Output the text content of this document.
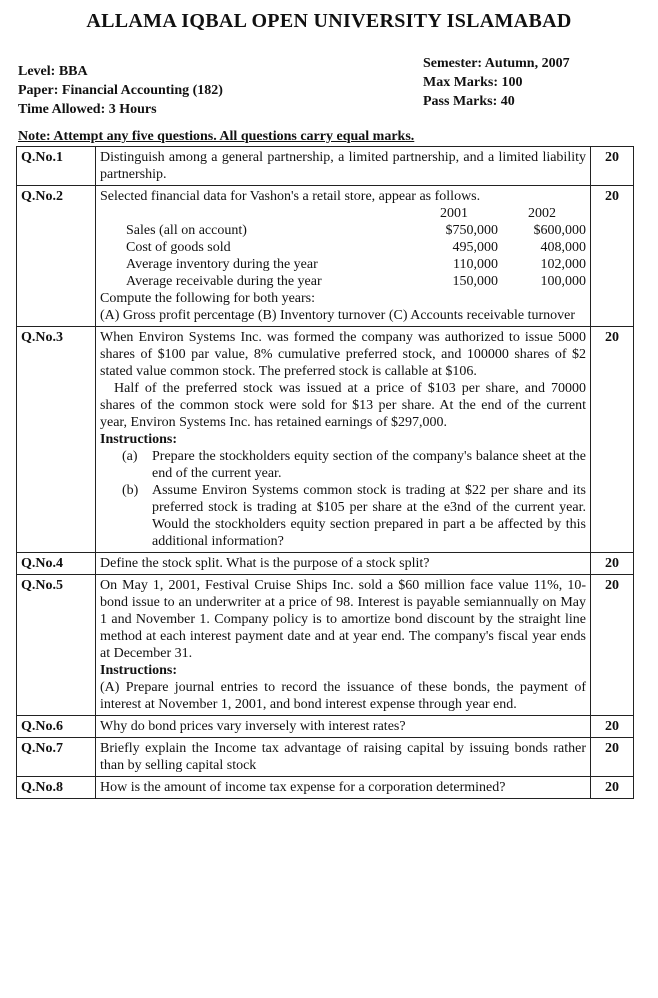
ALLAMA IQBAL OPEN UNIVERSITY ISLAMABAD
Level: BBA
Paper: Financial Accounting (182)
Time Allowed: 3 Hours
Semester: Autumn, 2007
Max Marks: 100
Pass Marks: 40
Note: Attempt any five questions. All questions carry equal marks.
Q.No.1	Distinguish among a general partnership, a limited partnership, and a limited liability partnership.	20
Q.No.2	Selected financial data for Vashon's a retail store, appear as follows.

	2001	2002
Sales (all on account)	$750,000	$600,000
Cost of goods sold	495,000	408,000
Average inventory during the year	110,000	102,000
Average receivable during the year	150,000	100,000

Compute the following for both years:

(A) Gross profit percentage (B) Inventory turnover (C) Accounts receivable turnover

	20
Q.No.3	When Environ Systems Inc. was formed the company was authorized to issue 5000 shares of $100 par value, 8% cumulative preferred stock, and 100000 shares of $2 stated value common stock. The preferred stock is callable at $106.

Half of the preferred stock was issued at a price of $103 per share, and 70000 shares of the common stock were sold for $13 per share. At the end of the current year, Environ Systems Inc. has retained earnings of $297,000.

Instructions:
(a)	Prepare the stockholders equity section of the company's balance sheet at the end of the current year.
(b) Assume Environ Systems common stock is trading at $22 per share and its preferred stock is trading at $105 per share at the e3nd of the current year. Would the stockholders equity section prepared in part a be affected by this additional information?
	20
Q.No.4	Define the stock split. What is the purpose of a stock split?	20
Q.No.5	On May 1, 2001, Festival Cruise Ships Inc. sold a $60 million face value 11%, 10-bond issue to an underwriter at a price of 98. Interest is payable semiannually on May 1 and November 1. Company policy is to amortize bond discount by the straight line method at each interest payment date and at year end. The company's fiscal year ends at December 31.

Instructions:

(A) Prepare journal entries to record the issuance of these bonds, the payment of interest at November 1, 2001, and bond interest expense through year end.

	20
Q.No.6	Why do bond prices vary inversely with interest rates?	20
Q.No.7	Briefly explain the Income tax advantage of raising capital by issuing bonds rather than by selling capital stock	20
Q.No.8	How is the amount of income tax expense for a corporation determined?	20
